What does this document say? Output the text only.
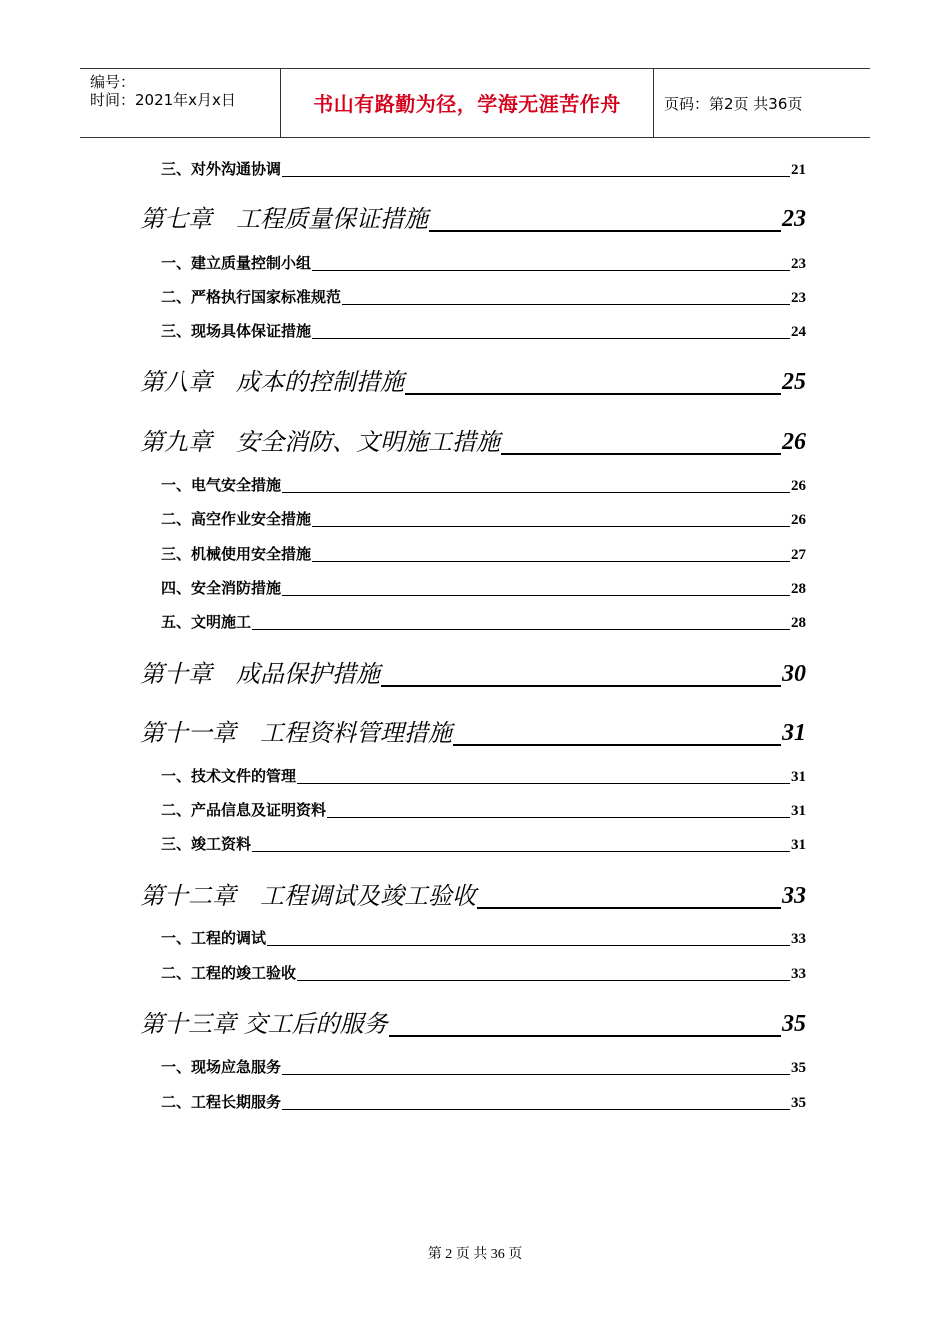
编号：
时间：2021年x月x日	书山有路勤为径，学海无涯苦作舟	页码：第2页 共36页
三、对外沟通协调	21
第七章　工程质量保证措施	23
一、建立质量控制小组	23
二、严格执行国家标准规范	23
三、现场具体保证措施	24
第八章　成本的控制措施	25
第九章　安全消防、文明施工措施	26
一、电气安全措施	26
二、高空作业安全措施	26
三、机械使用安全措施	27
四、安全消防措施	28
五、文明施工	28
第十章　成品保护措施	30
第十一章　工程资料管理措施	31
一、技术文件的管理	31
二、产品信息及证明资料	31
三、竣工资料	31
第十二章　工程调试及竣工验收	33
一、工程的调试	33
二、工程的竣工验收	33
第十三章 交工后的服务	35
一、现场应急服务	35
二、工程长期服务	35
第 2 页 共 36 页
